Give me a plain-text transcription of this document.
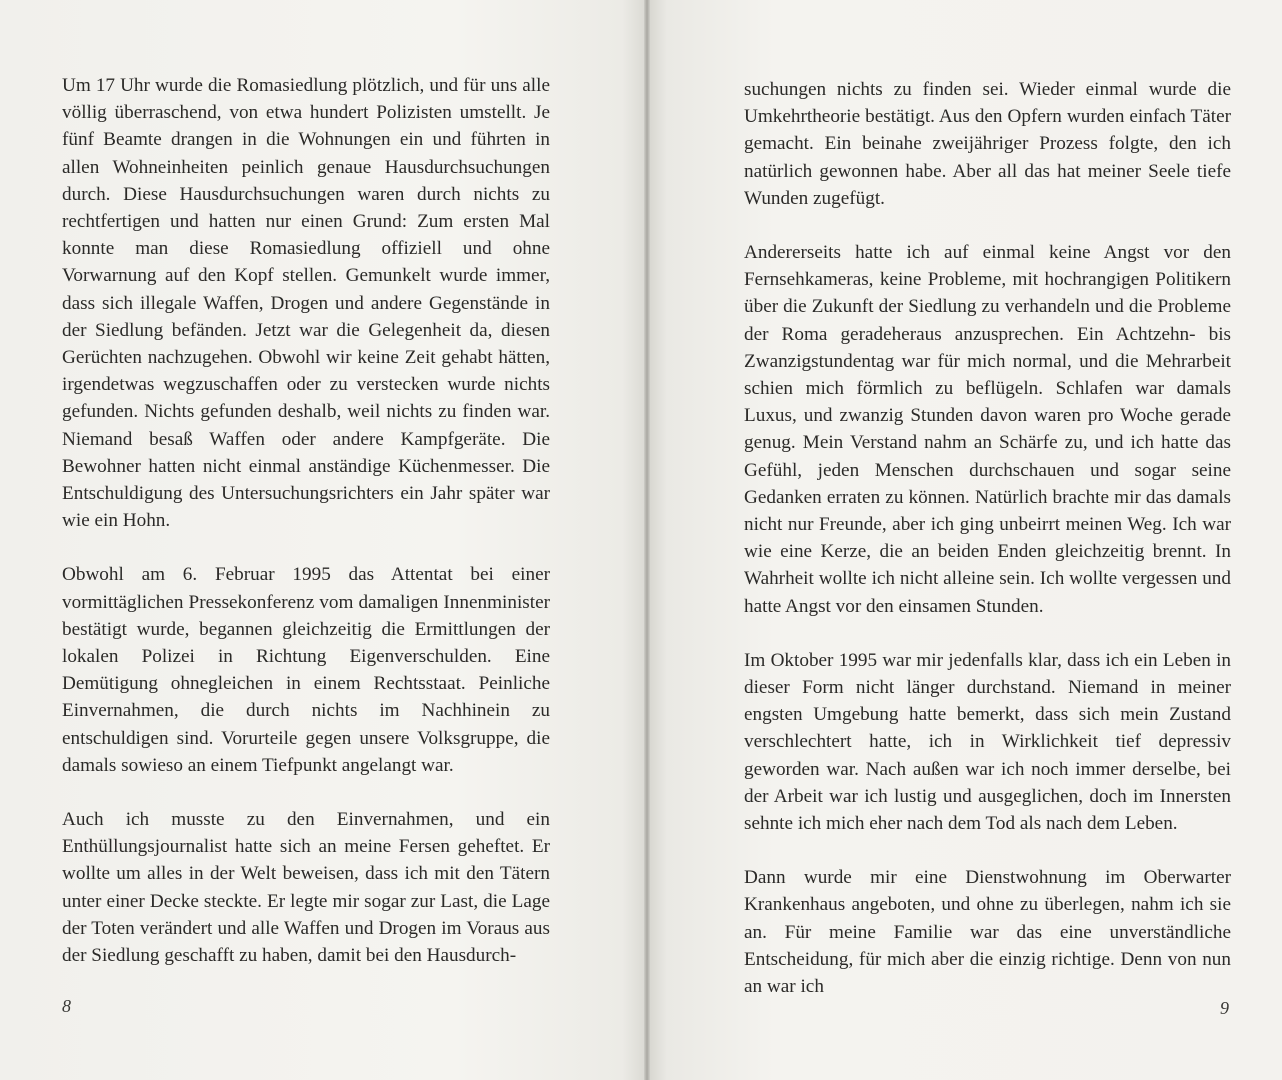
Um 17 Uhr wurde die Romasiedlung plötzlich, und für uns alle völlig überraschend, von etwa hundert Polizisten umstellt. Je fünf Beamte drangen in die Wohnungen ein und führten in allen Wohneinheiten peinlich genaue Hausdurchsuchungen durch. Diese Hausdurchsuchungen waren durch nichts zu rechtfertigen und hatten nur einen Grund: Zum ersten Mal konnte man diese Romasiedlung offiziell und ohne Vorwarnung auf den Kopf stellen. Gemunkelt wurde immer, dass sich illegale Waffen, Drogen und andere Gegenstände in der Siedlung befänden. Jetzt war die Gelegenheit da, diesen Gerüchten nachzugehen. Obwohl wir keine Zeit gehabt hätten, irgendetwas wegzuschaffen oder zu verstecken wurde nichts gefunden. Nichts gefunden deshalb, weil nichts zu finden war. Niemand besaß Waffen oder andere Kampfgeräte. Die Bewohner hatten nicht einmal anständige Küchenmesser. Die Entschuldigung des Untersuchungsrichters ein Jahr später war wie ein Hohn.

Obwohl am 6. Februar 1995 das Attentat bei einer vormittäglichen Pressekonferenz vom damaligen Innenminister bestätigt wurde, begannen gleichzeitig die Ermittlungen der lokalen Polizei in Richtung Eigenverschulden. Eine Demütigung ohnegleichen in einem Rechtsstaat. Peinliche Einvernahmen, die durch nichts im Nachhinein zu entschuldigen sind. Vorurteile gegen unsere Volksgruppe, die damals sowieso an einem Tiefpunkt angelangt war.

Auch ich musste zu den Einvernahmen, und ein Enthüllungsjournalist hatte sich an meine Fersen geheftet. Er wollte um alles in der Welt beweisen, dass ich mit den Tätern unter einer Decke steckte. Er legte mir sogar zur Last, die Lage der Toten verändert und alle Waffen und Drogen im Voraus aus der Siedlung geschafft zu haben, damit bei den Hausdurch-

8

suchungen nichts zu finden sei. Wieder einmal wurde die Umkehrtheorie bestätigt. Aus den Opfern wurden einfach Täter gemacht. Ein beinahe zweijähriger Prozess folgte, den ich natürlich gewonnen habe. Aber all das hat meiner Seele tiefe Wunden zugefügt.

Andererseits hatte ich auf einmal keine Angst vor den Fernsehkameras, keine Probleme, mit hochrangigen Politikern über die Zukunft der Siedlung zu verhandeln und die Probleme der Roma geradeheraus anzusprechen. Ein Achtzehn- bis Zwanzigstundentag war für mich normal, und die Mehrarbeit schien mich förmlich zu beflügeln. Schlafen war damals Luxus, und zwanzig Stunden davon waren pro Woche gerade genug. Mein Verstand nahm an Schärfe zu, und ich hatte das Gefühl, jeden Menschen durchschauen und sogar seine Gedanken erraten zu können. Natürlich brachte mir das damals nicht nur Freunde, aber ich ging unbeirrt meinen Weg. Ich war wie eine Kerze, die an beiden Enden gleichzeitig brennt. In Wahrheit wollte ich nicht alleine sein. Ich wollte vergessen und hatte Angst vor den einsamen Stunden.

Im Oktober 1995 war mir jedenfalls klar, dass ich ein Leben in dieser Form nicht länger durchstand. Niemand in meiner engsten Umgebung hatte bemerkt, dass sich mein Zustand verschlechtert hatte, ich in Wirklichkeit tief depressiv geworden war. Nach außen war ich noch immer derselbe, bei der Arbeit war ich lustig und ausgeglichen, doch im Innersten sehnte ich mich eher nach dem Tod als nach dem Leben.

Dann wurde mir eine Dienstwohnung im Oberwarter Krankenhaus angeboten, und ohne zu überlegen, nahm ich sie an. Für meine Familie war das eine unverständliche Entscheidung, für mich aber die einzig richtige. Denn von nun an war ich

9
